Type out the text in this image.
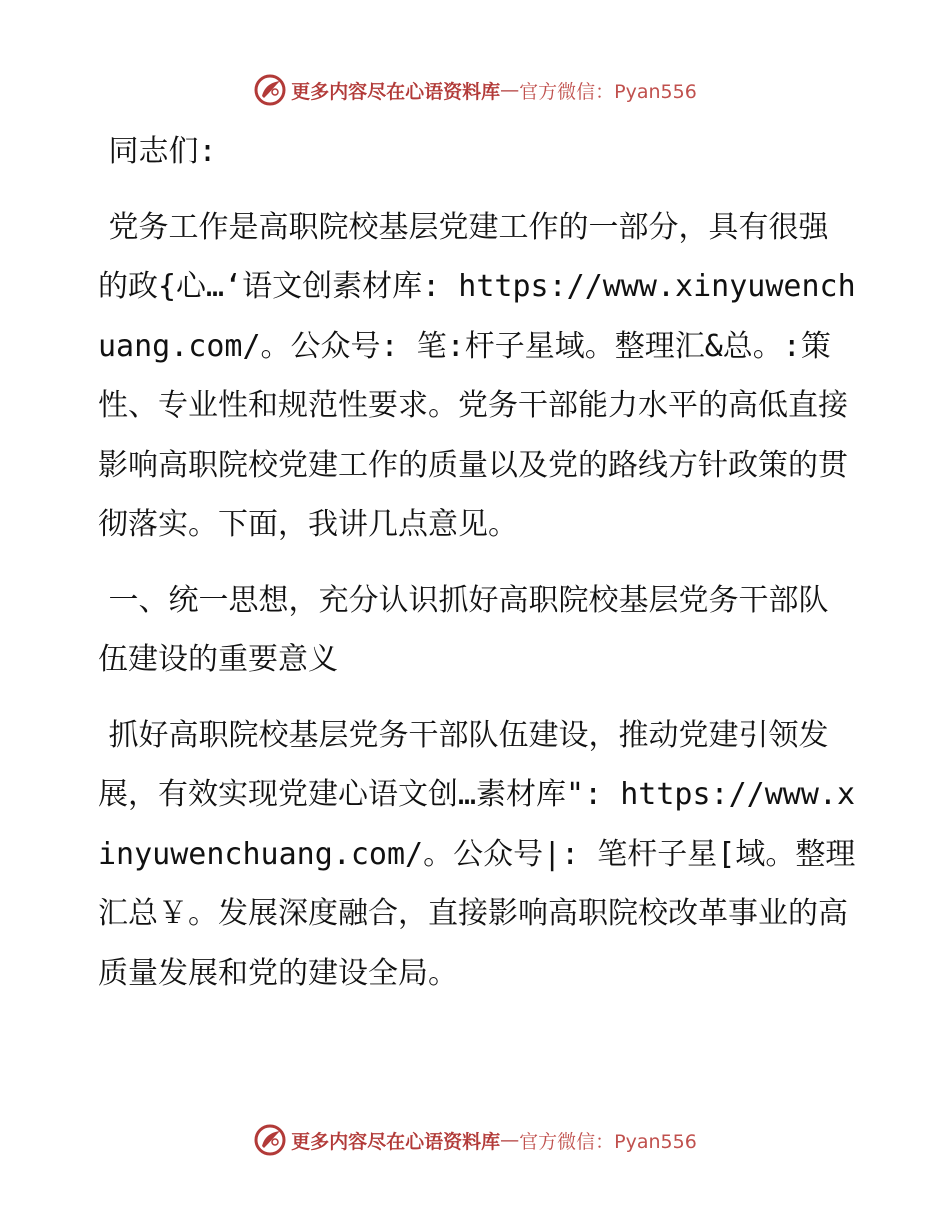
更多内容尽在心语资料库 — 官方微信：Pyan556

同志们:

党务工作是高职院校基层党建工作的一部分，具有很强的政{心…‘语文创素材库: https://www.xinyuwenchuang.com/。公众号: 笔:杆子星域。整理汇&总。:策性、专业性和规范性要求。党务干部能力水平的高低直接影响高职院校党建工作的质量以及党的路线方针政策的贯彻落实。下面，我讲几点意见。

一、统一思想，充分认识抓好高职院校基层党务干部队伍建设的重要意义

抓好高职院校基层党务干部队伍建设，推动党建引领发展，有效实现党建心语文创…素材库": https://www.xinyuwenchuang.com/。公众号|: 笔杆子星[域。整理汇总￥。发展深度融合，直接影响高职院校改革事业的高质量发展和党的建设全局。

更多内容尽在心语资料库 — 官方微信：Pyan556
